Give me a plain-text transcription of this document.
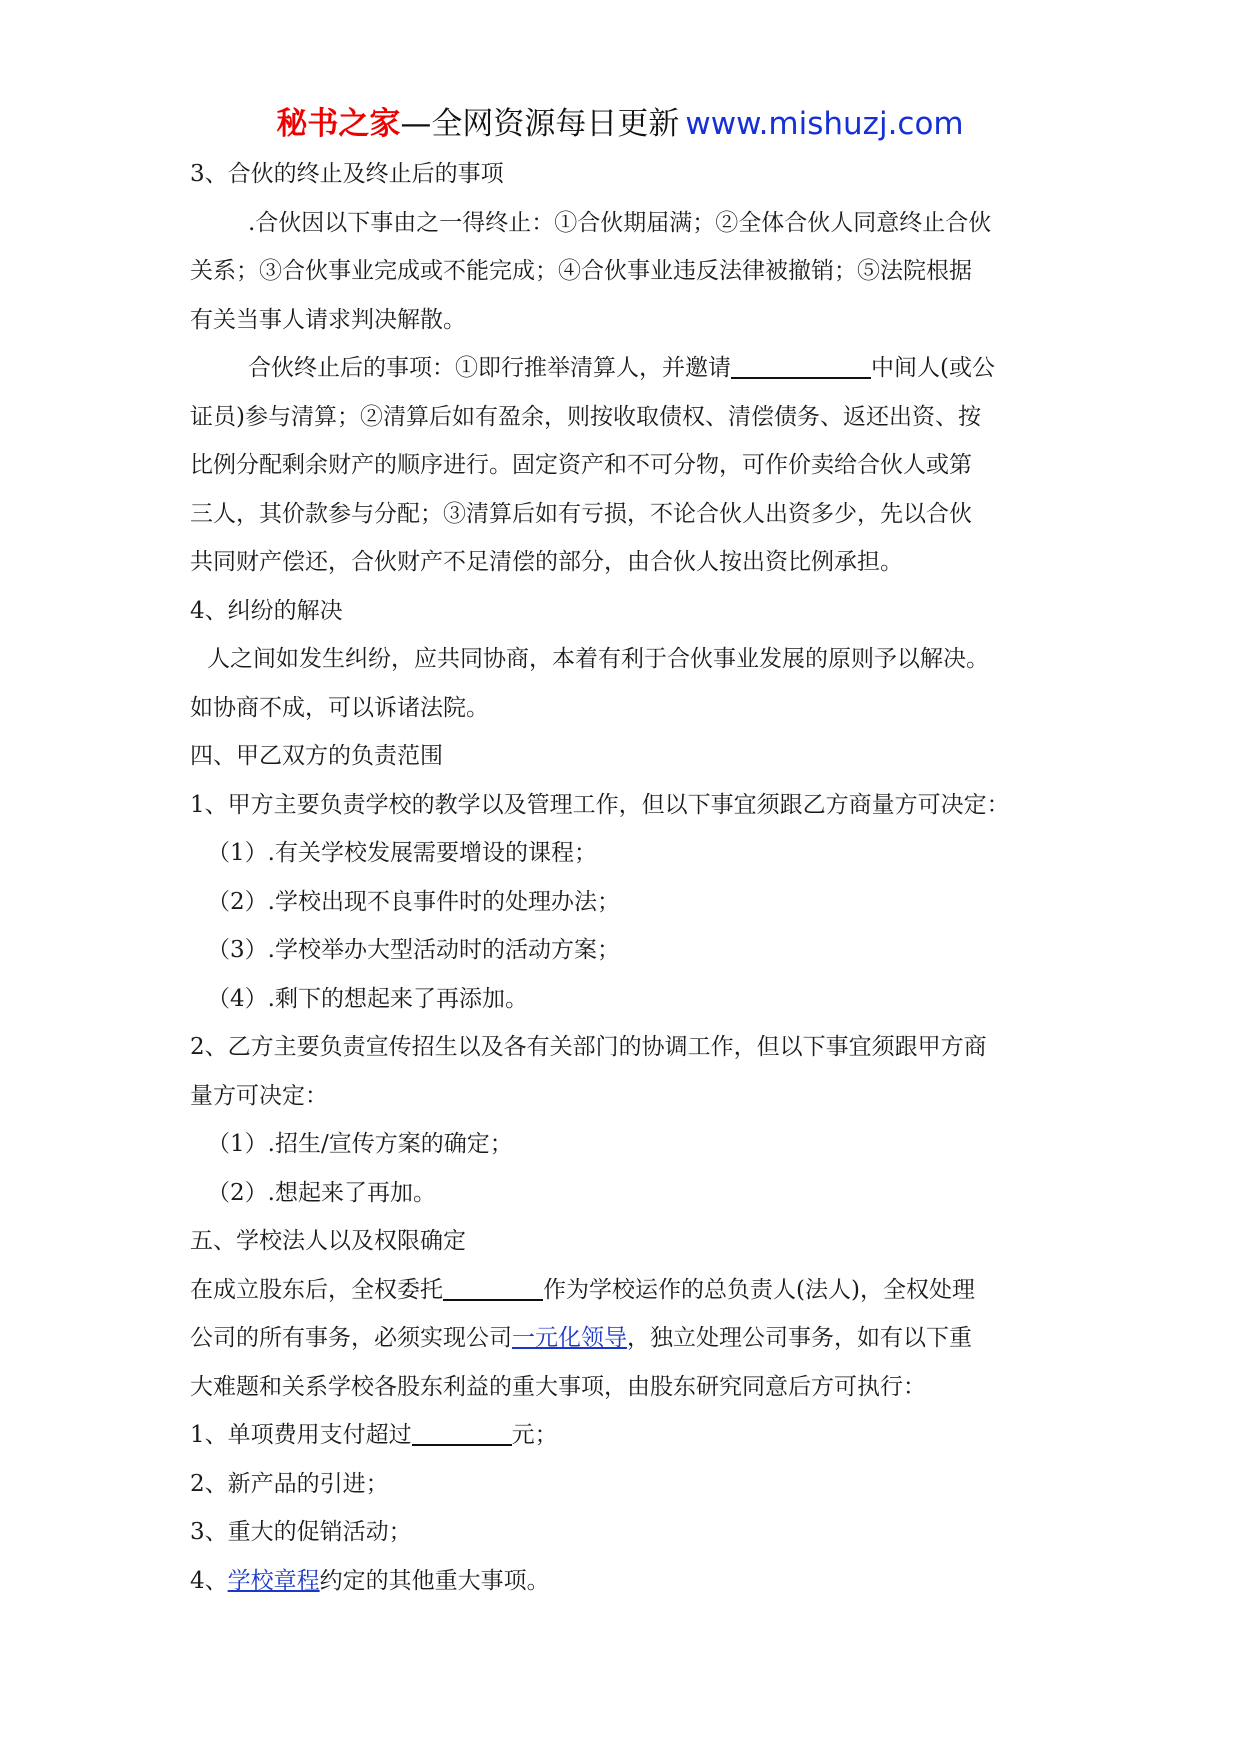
秘书之家—全网资源每日更新 www.mishuzj.com

3、合伙的终止及终止后的事项

.合伙因以下事由之一得终止：①合伙期届满；②全体合伙人同意终止合伙

关系；③合伙事业完成或不能完成；④合伙事业违反法律被撤销；⑤法院根据

有关当事人请求判决解散。

合伙终止后的事项：①即行推举清算人，并邀请	中间人(或公

证员)参与清算；②清算后如有盈余，则按收取债权、清偿债务、返还出资、按

比例分配剩余财产的顺序进行。固定资产和不可分物，可作价卖给合伙人或第

三人，其价款参与分配；③清算后如有亏损，不论合伙人出资多少，先以合伙

共同财产偿还，合伙财产不足清偿的部分，由合伙人按出资比例承担。

4、纠纷的解决

人之间如发生纠纷，应共同协商，本着有利于合伙事业发展的原则予以解决。

如协商不成，可以诉诸法院。

四、甲乙双方的负责范围

1、甲方主要负责学校的教学以及管理工作，但以下事宜须跟乙方商量方可决定：

（1）.有关学校发展需要增设的课程；

（2）.学校出现不良事件时的处理办法；

（3）.学校举办大型活动时的活动方案；

（4）.剩下的想起来了再添加。

2、乙方主要负责宣传招生以及各有关部门的协调工作，但以下事宜须跟甲方商

量方可决定：

（1）.招生/宣传方案的确定；

（2）.想起来了再加。

五、学校法人以及权限确定

在成立股东后，全权委托	作为学校运作的总负责人(法人)，全权处理

公司的所有事务，必须实现公司一元化领导，独立处理公司事务，如有以下重

大难题和关系学校各股东利益的重大事项，由股东研究同意后方可执行：

1、单项费用支付超过	元；

2、新产品的引进；

3、重大的促销活动；

4、学校章程约定的其他重大事项。
